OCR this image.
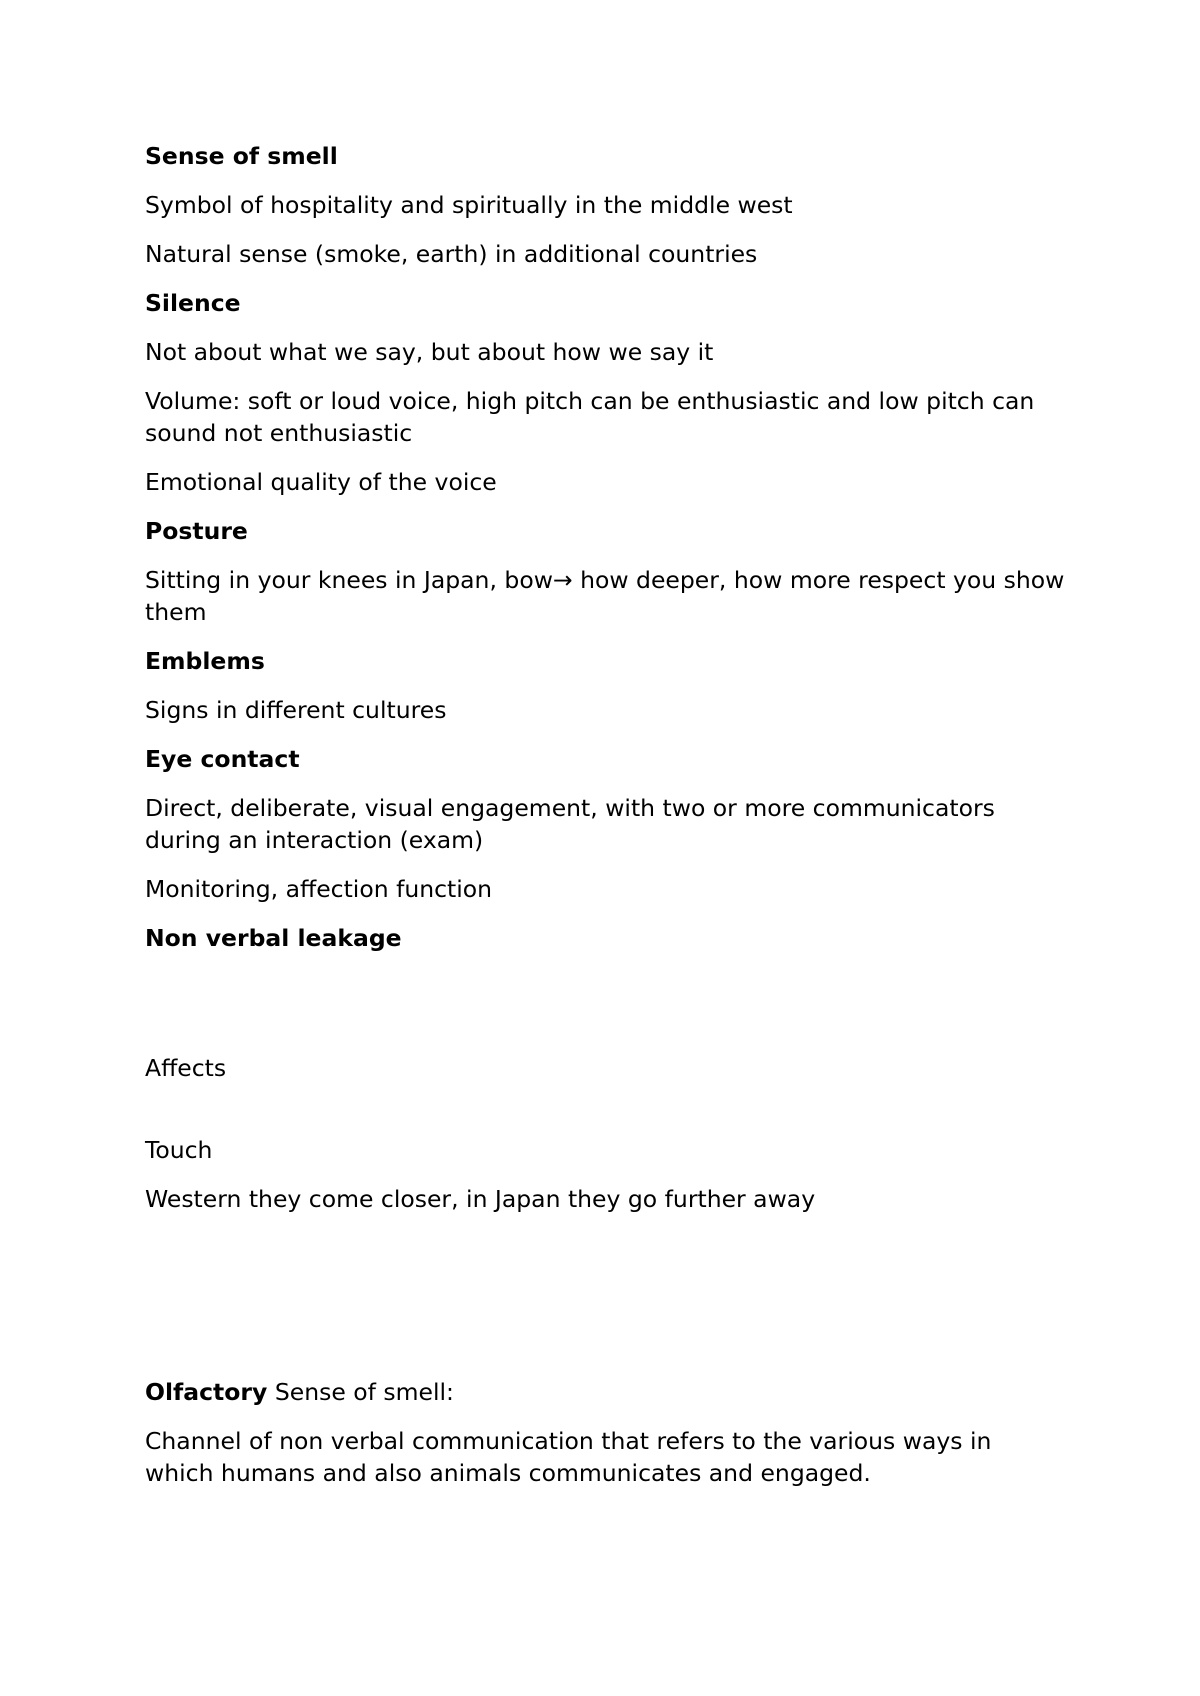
Sense of smell
Symbol of hospitality and spiritually in the middle west
Natural sense (smoke, earth) in additional countries
Silence
Not about what we say, but about how we say it
Volume: soft or loud voice, high pitch can be enthusiastic and low pitch can sound not enthusiastic
Emotional quality of the voice
Posture
Sitting in your knees in Japan, bow→ how deeper, how more respect you show them
Emblems
Signs in different cultures
Eye contact
Direct, deliberate, visual engagement, with two or more communicators during an interaction (exam)
Monitoring, affection function
Non verbal leakage
Affects
Touch
Western they come closer, in Japan they go further away
Olfactory Sense of smell:
Channel of non verbal communication that refers to the various ways in which humans and also animals communicates and engaged.
